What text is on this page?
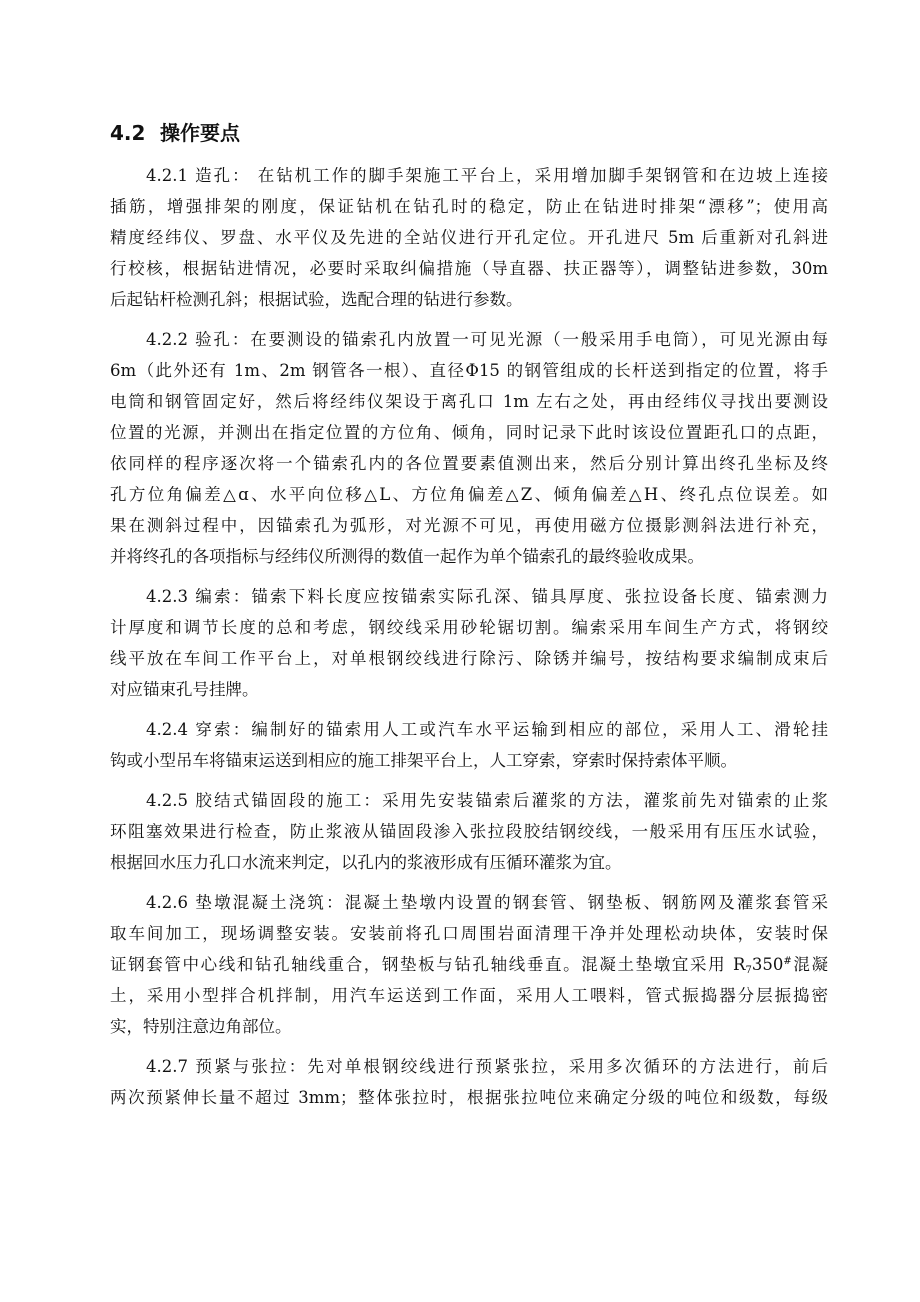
4.2 操作要点

4.2.1 造孔： 在钻机工作的脚手架施工平台上，采用增加脚手架钢管和在边坡上连接
插筋，增强排架的刚度，保证钻机在钻孔时的稳定，防止在钻进时排架“漂移”；使用高
精度经纬仪、罗盘、水平仪及先进的全站仪进行开孔定位。开孔进尺 5m 后重新对孔斜进
行校核，根据钻进情况，必要时采取纠偏措施（导直器、扶正器等），调整钻进参数，30m
后起钻杆检测孔斜；根据试验，选配合理的钻进行参数。

4.2.2 验孔：在要测设的锚索孔内放置一可见光源（一般采用手电筒），可见光源由每
6m（此外还有 1m、2m 钢管各一根）、直径Φ15 的钢管组成的长杆送到指定的位置，将手
电筒和钢管固定好，然后将经纬仪架设于离孔口 1m 左右之处，再由经纬仪寻找出要测设
位置的光源，并测出在指定位置的方位角、倾角，同时记录下此时该设位置距孔口的点距，
依同样的程序逐次将一个锚索孔内的各位置要素值测出来，然后分别计算出终孔坐标及终
孔方位角偏差△ɑ、水平向位移△L、方位角偏差△Z、倾角偏差△H、终孔点位误差。如
果在测斜过程中，因锚索孔为弧形，对光源不可见，再使用磁方位摄影测斜法进行补充，
并将终孔的各项指标与经纬仪所测得的数值一起作为单个锚索孔的最终验收成果。

4.2.3 编索：锚索下料长度应按锚索实际孔深、锚具厚度、张拉设备长度、锚索测力
计厚度和调节长度的总和考虑，钢绞线采用砂轮锯切割。编索采用车间生产方式，将钢绞
线平放在车间工作平台上，对单根钢绞线进行除污、除锈并编号，按结构要求编制成束后
对应锚束孔号挂牌。

4.2.4 穿索：编制好的锚索用人工或汽车水平运输到相应的部位，采用人工、滑轮挂
钩或小型吊车将锚束运送到相应的施工排架平台上，人工穿索，穿索时保持索体平顺。

4.2.5 胶结式锚固段的施工：采用先安装锚索后灌浆的方法，灌浆前先对锚索的止浆
环阻塞效果进行检查，防止浆液从锚固段渗入张拉段胶结钢绞线，一般采用有压压水试验，
根据回水压力孔口水流来判定，以孔内的浆液形成有压循环灌浆为宜。

4.2.6 垫墩混凝土浇筑：混凝土垫墩内设置的钢套管、钢垫板、钢筋网及灌浆套管采
取车间加工，现场调整安装。安装前将孔口周围岩面清理干净并处理松动块体，安装时保
证钢套管中心线和钻孔轴线重合，钢垫板与钻孔轴线垂直。混凝土垫墩宜采用 $R_7350^{\#}$混凝
土，采用小型拌合机拌制，用汽车运送到工作面，采用人工喂料，管式振捣器分层振捣密
实，特别注意边角部位。

4.2.7 预紧与张拉：先对单根钢绞线进行预紧张拉，采用多次循环的方法进行，前后
两次预紧伸长量不超过 3mm；整体张拉时，根据张拉吨位来确定分级的吨位和级数，每级
